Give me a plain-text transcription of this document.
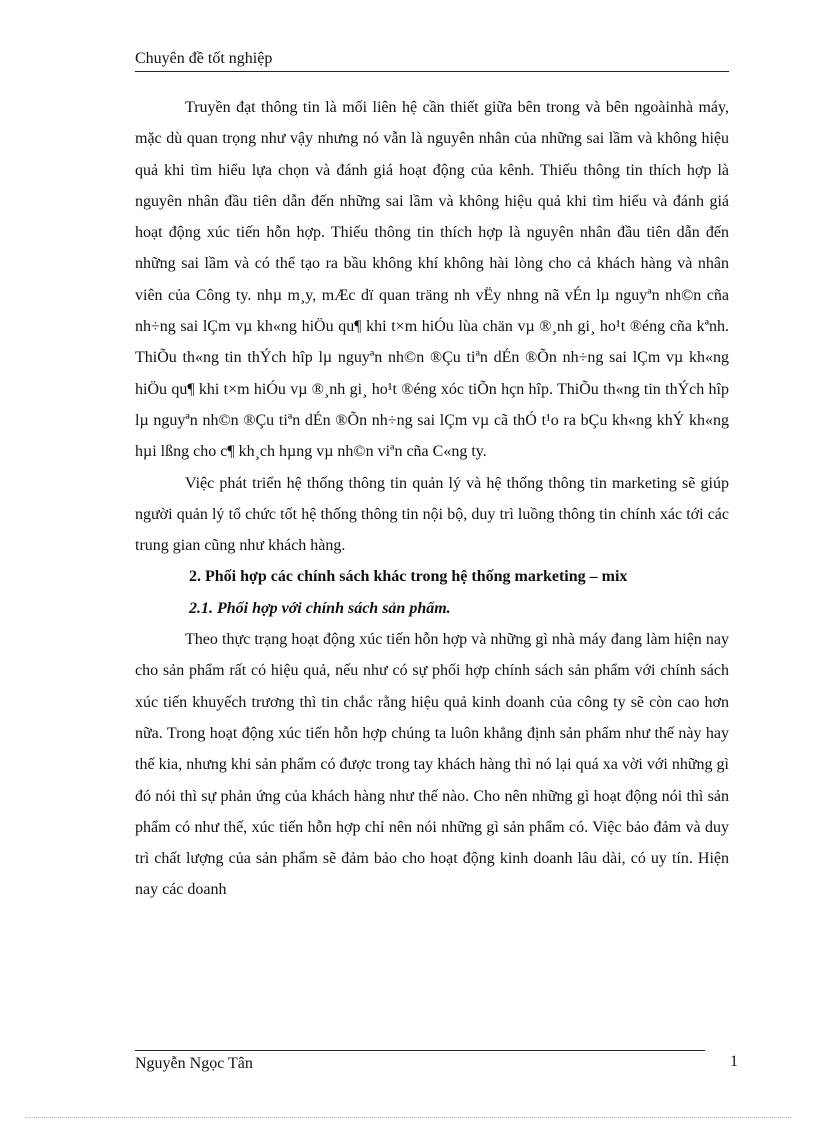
Chuyên đề tốt nghiệp

Truyền đạt thông tin là mối liên hệ cần thiết giữa bên trong và bên ngoàinhà máy, mặc dù quan trọng như vậy nhưng nó vẫn là nguyên nhân của những sai lầm và không hiệu quả khi tìm hiểu lựa chọn và đánh giá hoạt động của kênh. Thiếu thông tin thích hợp là nguyên nhân đầu tiên dẫn đến những sai lầm và không hiệu quả khi tìm hiểu và đánh giá hoạt động xúc tiến hỗn hợp. Thiếu thông tin thích hợp là nguyên nhân đầu tiên dẫn đến những sai lầm và có thể tạo ra bầu không khí không hài lòng cho cả khách hàng và nhân viên của Công ty. nhµ m¸y, mÆc dï quan träng nh vËy nhng nã vÉn lµ nguyªn nh©n cña nh÷ng sai lÇm vµ kh«ng hiÖu qu¶ khi t×m hiÓu lùa chän vµ ®¸nh gi¸ ho¹t ®éng cña kªnh. ThiÕu th«ng tin thÝch hîp lµ nguyªn nh©n ®Çu tiªn dÉn ®Õn nh÷ng sai lÇm vµ kh«ng hiÖu qu¶ khi t×m hiÓu vµ ®¸nh gi¸ ho¹t ®éng xóc tiÕn hçn hîp. ThiÕu th«ng tin thÝch hîp lµ nguyªn nh©n ®Çu tiªn dÉn ®Õn nh÷ng sai lÇm vµ cã thÓ t¹o ra bÇu kh«ng khÝ kh«ng hµi lßng cho c¶ kh¸ch hµng vµ nh©n viªn cña C«ng ty.

Việc phát triển hệ thống thông tin quản lý và hệ thống thông tin marketing sẽ giúp người quản lý tổ chức tốt hệ thống thông tin nội bộ, duy trì luồng thông tin chính xác tới các trung gian cũng như khách hàng.

2. Phối hợp các chính sách khác trong hệ thống marketing – mix

2.1. Phối hợp với chính sách sản phẩm.

Theo thực trạng hoạt động xúc tiến hỗn hợp và những gì nhà máy đang làm hiện nay cho sản phẩm rất có hiệu quả, nếu như có sự phối hợp chính sách sản phẩm với chính sách xúc tiến khuyếch trương thì tin chắc rằng hiệu quả kinh doanh của công ty sẽ còn cao hơn nữa. Trong hoạt động xúc tiến hỗn hợp chúng ta luôn khẳng định sản phẩm như thế này hay thế kia, nhưng khi sản phẩm có được trong tay khách hàng thì nó lại quá xa vời với những gì đó nói thì sự phản ứng của khách hàng như thế nào. Cho nên những gì hoạt động nói thì sản phẩm có như thế, xúc tiến hỗn hợp chỉ nên nói những gì sản phẩm có. Việc bảo đảm và duy trì chất lượng của sản phẩm sẽ đảm bảo cho hoạt động kinh doanh lâu dài, có uy tín. Hiện nay các doanh

Nguyễn Ngọc Tân	1
